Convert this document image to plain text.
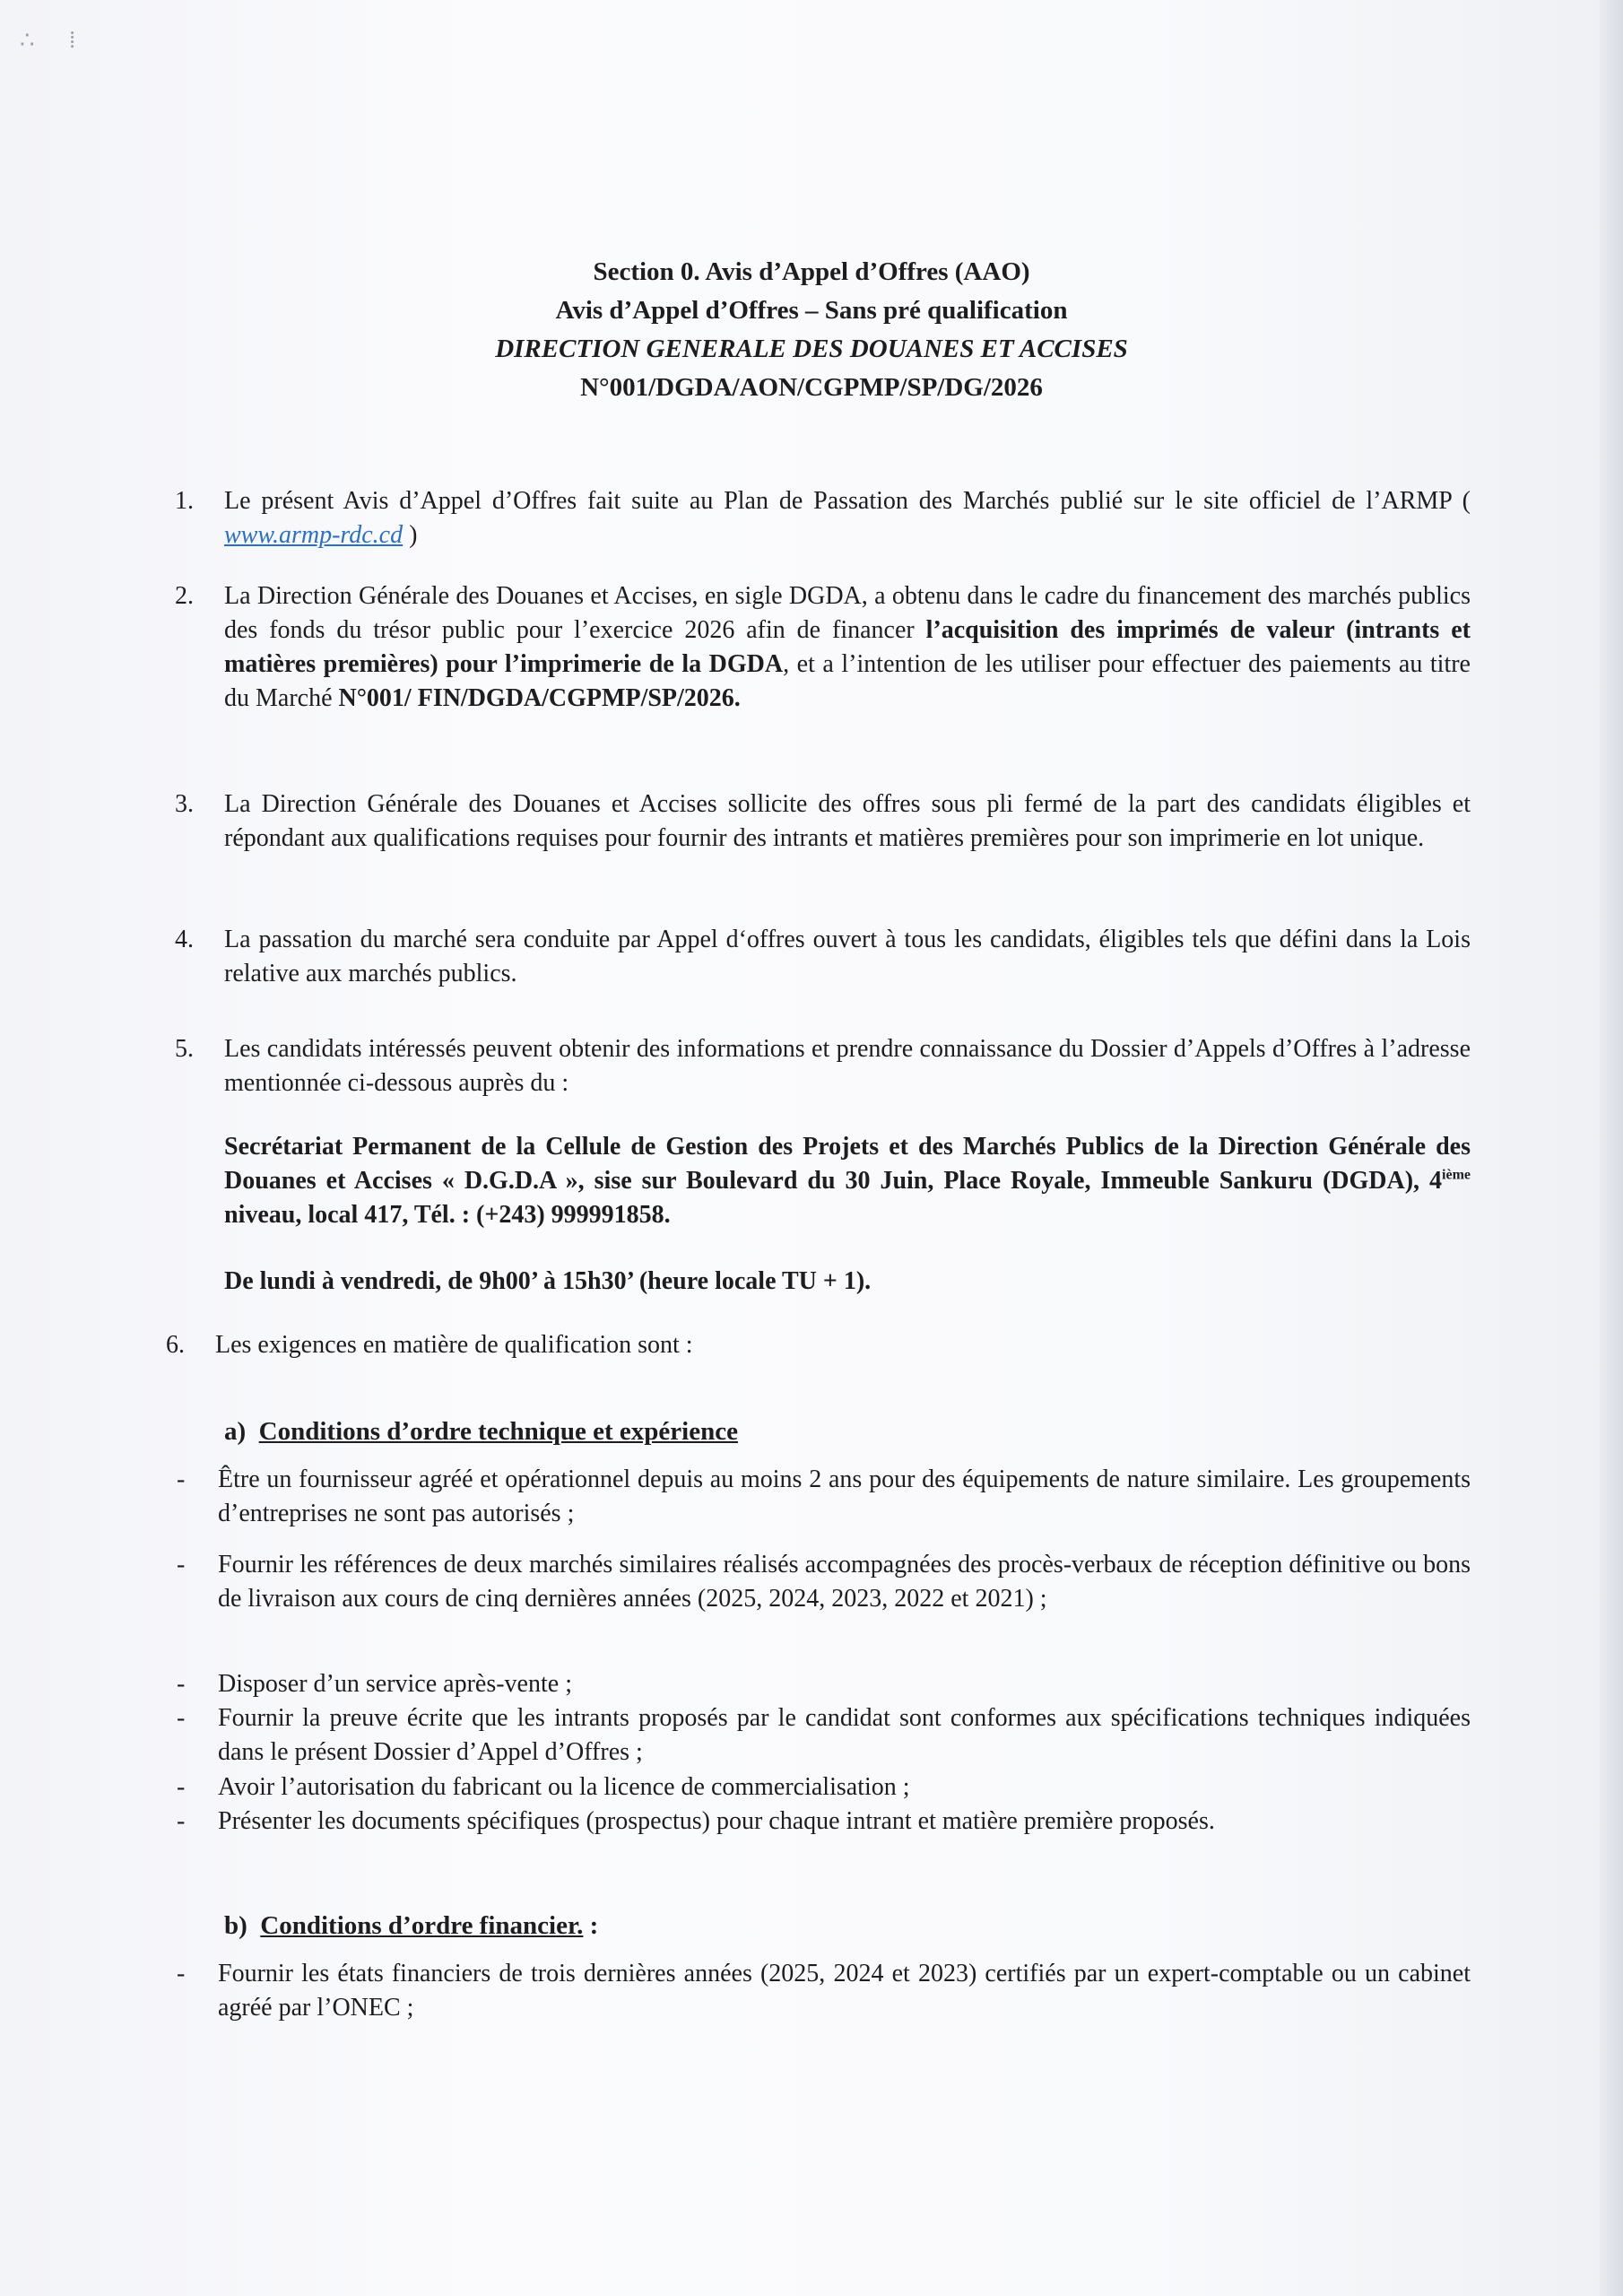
∴ ⁞
Section 0. Avis d’Appel d’Offres (AAO)
Avis d’Appel d’Offres – Sans pré qualification
DIRECTION GENERALE DES DOUANES ET ACCISES
N°001/DGDA/AON/CGPMP/SP/DG/2026
1. Le présent Avis d’Appel d’Offres fait suite au Plan de Passation des Marchés publié sur le site officiel de l’ARMP ( www.armp-rdc.cd )
2. La Direction Générale des Douanes et Accises, en sigle DGDA, a obtenu dans le cadre du financement des marchés publics des fonds du trésor public pour l’exercice 2026 afin de financer l’acquisition des imprimés de valeur (intrants et matières premières) pour l’imprimerie de la DGDA, et a l’intention de les utiliser pour effectuer des paiements au titre du Marché N°001/ FIN/DGDA/CGPMP/SP/2026.
3. La Direction Générale des Douanes et Accises sollicite des offres sous pli fermé de la part des candidats éligibles et répondant aux qualifications requises pour fournir des intrants et matières premières pour son imprimerie en lot unique.
4. La passation du marché sera conduite par Appel d‘offres ouvert à tous les candidats, éligibles tels que défini dans la Lois relative aux marchés publics.
5. Les candidats intéressés peuvent obtenir des informations et prendre connaissance du Dossier d’Appels d’Offres à l’adresse mentionnée ci-dessous auprès du :
Secrétariat Permanent de la Cellule de Gestion des Projets et des Marchés Publics de la Direction Générale des Douanes et Accises « D.G.D.A », sise sur Boulevard du 30 Juin, Place Royale, Immeuble Sankuru (DGDA), 4ième niveau, local 417, Tél. : (+243) 999991858.
De lundi à vendredi, de 9h00’ à 15h30’ (heure locale TU + 1).
6. Les exigences en matière de qualification sont :
a) Conditions d’ordre technique et expérience
- Être un fournisseur agréé et opérationnel depuis au moins 2 ans pour des équipements de nature similaire. Les groupements d’entreprises ne sont pas autorisés ;
- Fournir les références de deux marchés similaires réalisés accompagnées des procès-verbaux de réception définitive ou bons de livraison aux cours de cinq dernières années (2025, 2024, 2023, 2022 et 2021) ;
- Disposer d’un service après-vente ;
- Fournir la preuve écrite que les intrants proposés par le candidat sont conformes aux spécifications techniques indiquées dans le présent Dossier d’Appel d’Offres ;
- Avoir l’autorisation du fabricant ou la licence de commercialisation ;
- Présenter les documents spécifiques (prospectus) pour chaque intrant et matière première proposés.
b) Conditions d’ordre financier. :
- Fournir les états financiers de trois dernières années (2025, 2024 et 2023) certifiés par un expert-comptable ou un cabinet agréé par l’ONEC ;
